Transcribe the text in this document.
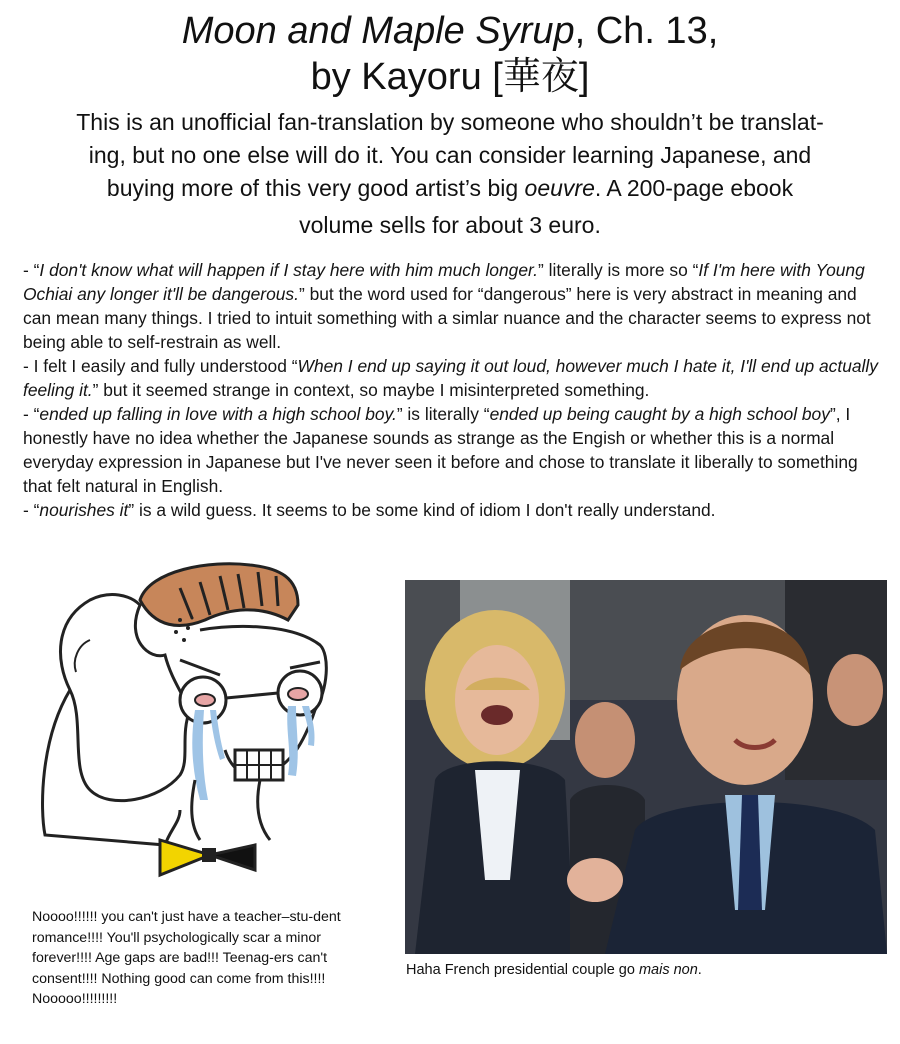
Moon and Maple Syrup, Ch. 13,
by Kayoru [華夜]
This is an unofficial fan-translation by someone who shouldn’t be translat-
ing, but no one else will do it. You can consider learning Japanese, and
buying more of this very good artist’s big oeuvre. A 200-page ebook
volume sells for about 3 euro.

- “I don't know what will happen if I stay here with him much longer.” literally is more so “If I'm here with Young Ochiai any longer it'll be dangerous.” but the word used for “dangerous” here is very abstract in meaning and can mean many things. I tried to intuit something with a simlar nuance and the character seems to express not being able to self-restrain as well.

- I felt I easily and fully understood “When I end up saying it out loud, however much I hate it, I'll end up actually feeling it.” but it seemed strange in context, so maybe I misinterpreted something.

- “ended up falling in love with a high school boy.” is literally “ended up being caught by a high school boy”, I honestly have no idea whether the Japanese sounds as strange as the Engish or whether this is a normal everyday expression in Japanese but I've never seen it before and chose to translate it liberally to something that felt natural in English.

- “nourishes it” is a wild guess. It seems to be some kind of idiom I don't really understand.

Noooo!!!!!! you can't just have a teacher–stu-dent romance!!!! You'll psychologically scar a minor forever!!!! Age gaps are bad!!! Teenag-ers can't consent!!!! Nothing good can come from this!!!! Nooooo!!!!!!!!!
Haha French presidential couple go mais non.
